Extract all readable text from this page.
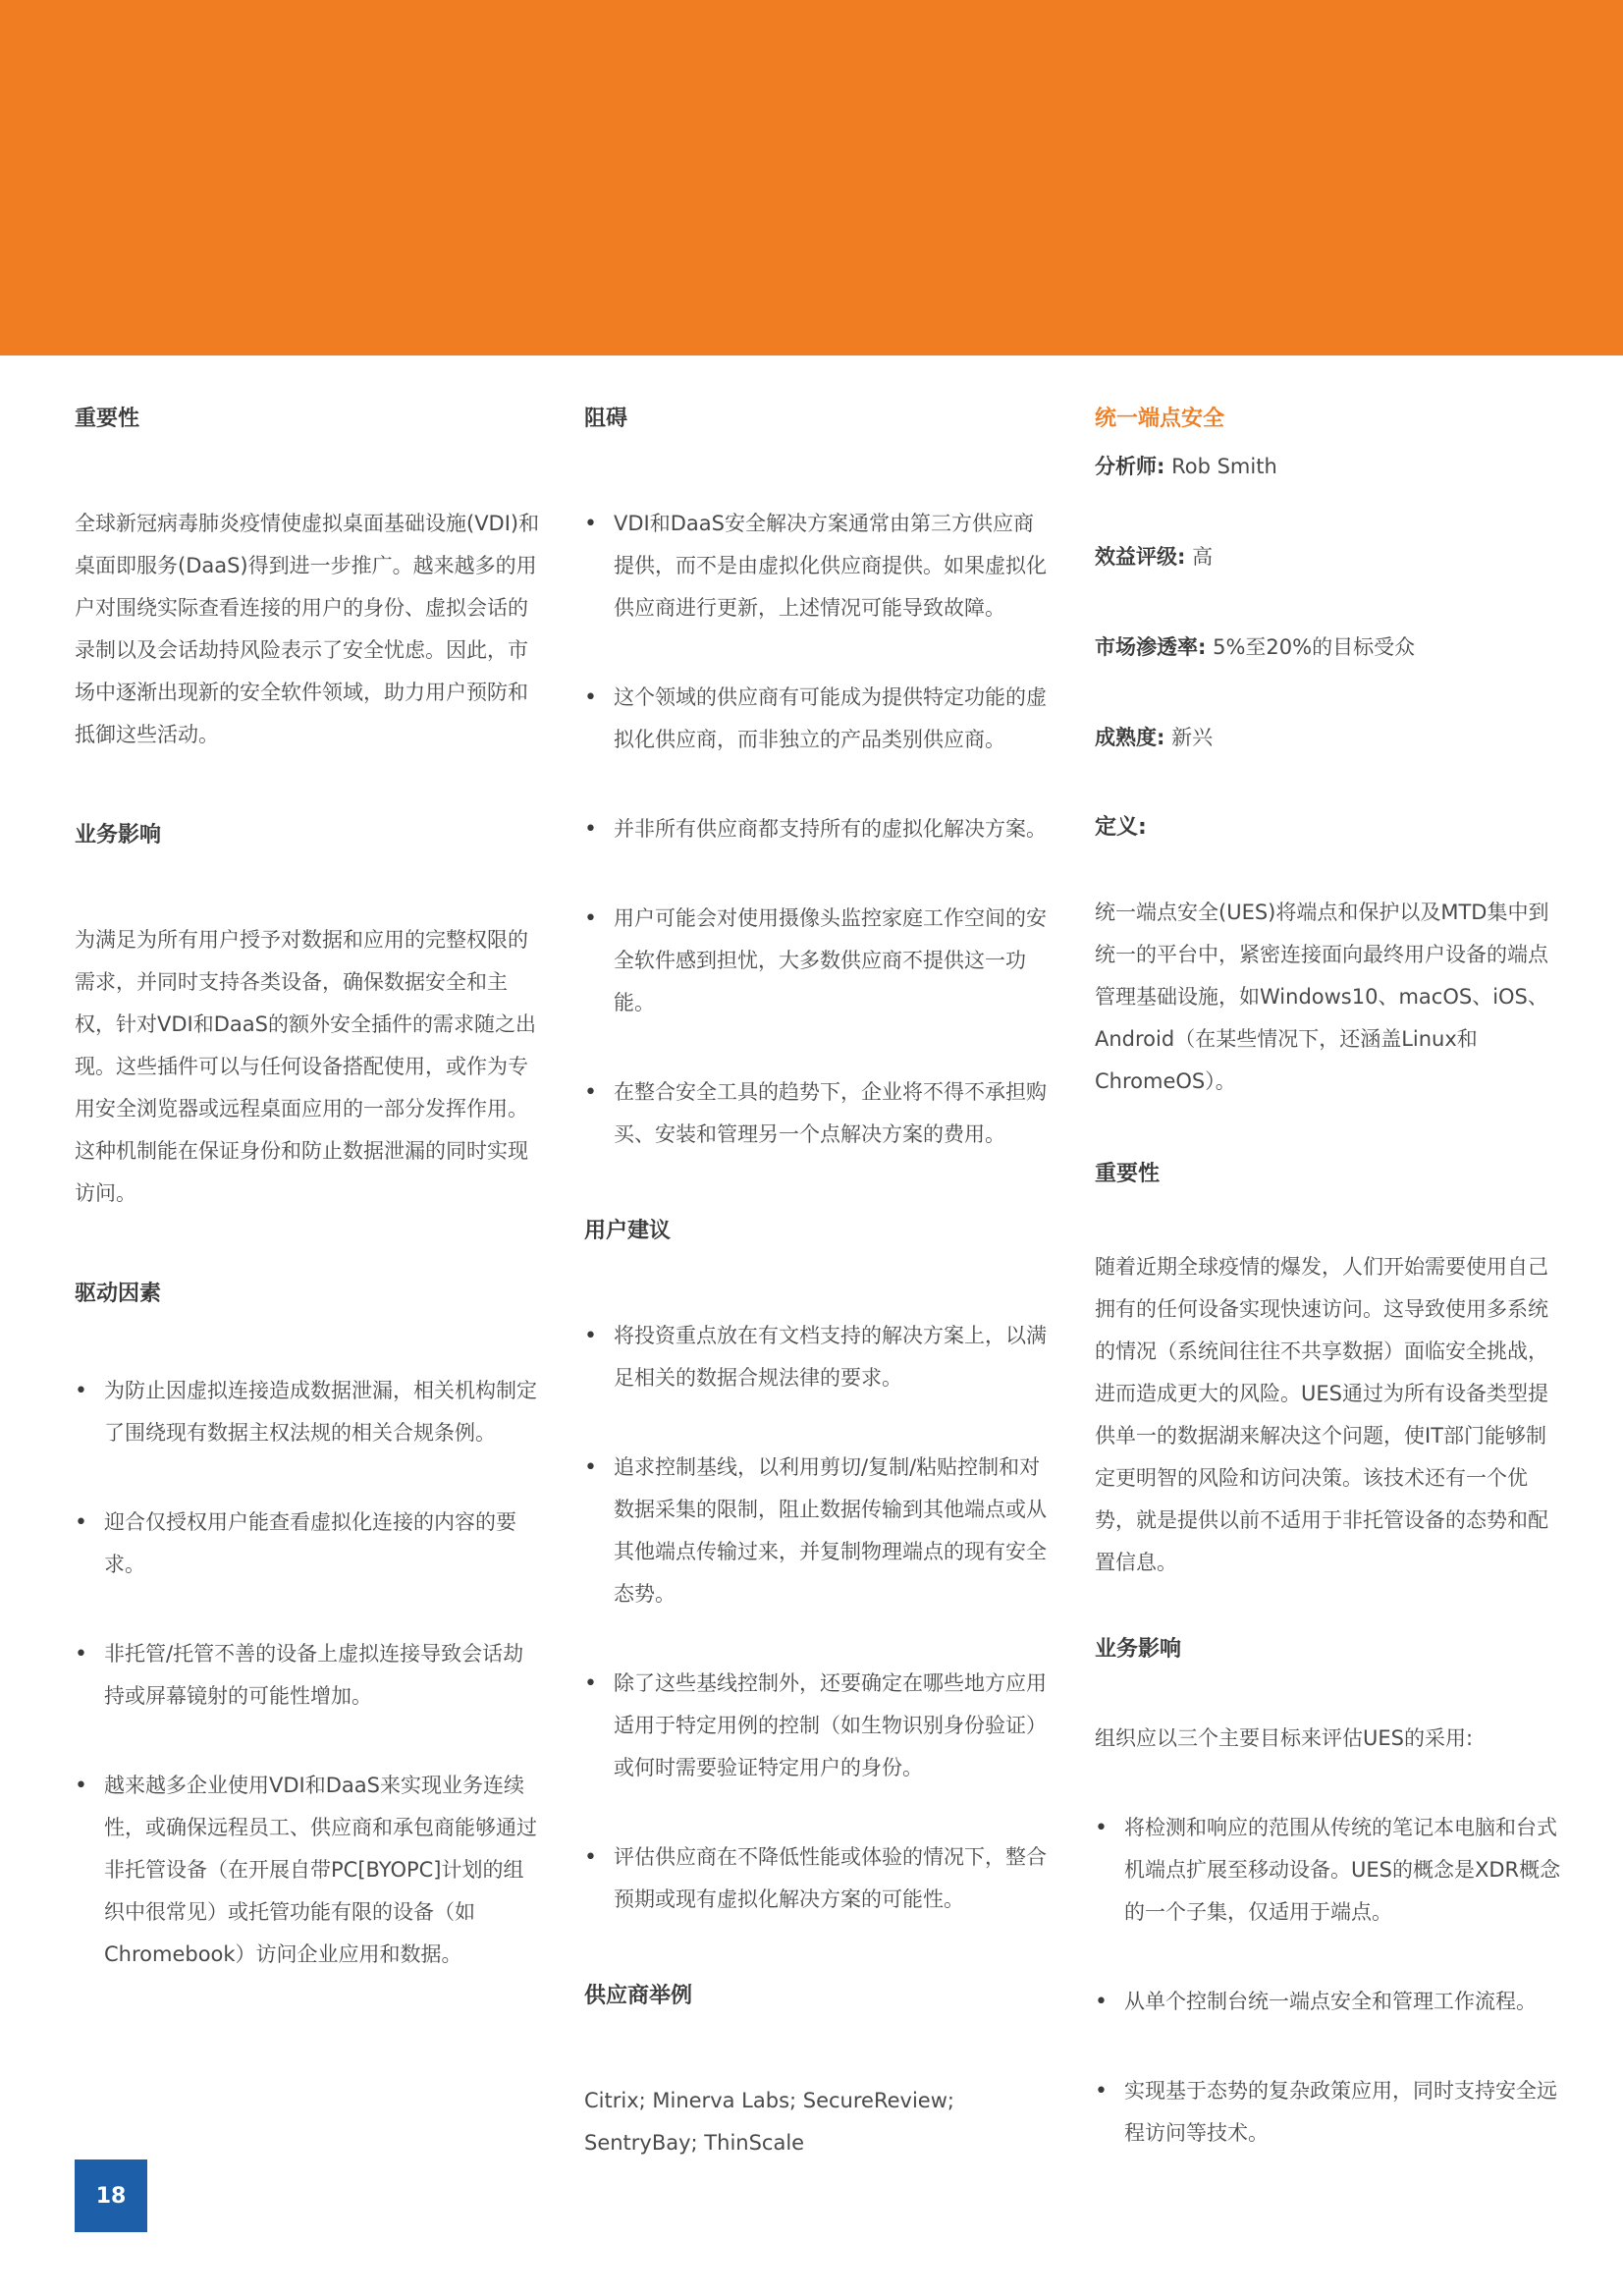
重要性

全球新冠病毒肺炎疫情使虚拟桌面基础设施(VDI)和桌面即服务(DaaS)得到进一步推广。越来越多的用户对围绕实际查看连接的用户的身份、虚拟会话的录制以及会话劫持风险表示了安全忧虑。因此，市场中逐渐出现新的安全软件领域，助力用户预防和抵御这些活动。

业务影响

为满足为所有用户授予对数据和应用的完整权限的需求，并同时支持各类设备，确保数据安全和主权，针对VDI和DaaS的额外安全插件的需求随之出现。这些插件可以与任何设备搭配使用，或作为专用安全浏览器或远程桌面应用的一部分发挥作用。这种机制能在保证身份和防止数据泄漏的同时实现访问。

驱动因素

• 为防止因虚拟连接造成数据泄漏，相关机构制定了围绕现有数据主权法规的相关合规条例。
• 迎合仅授权用户能查看虚拟化连接的内容的要求。
• 非托管/托管不善的设备上虚拟连接导致会话劫持或屏幕镜射的可能性增加。
• 越来越多企业使用VDI和DaaS来实现业务连续性，或确保远程员工、供应商和承包商能够通过非托管设备（在开展自带PC[BYOPC]计划的组织中很常见）或托管功能有限的设备（如Chromebook）访问企业应用和数据。

阻碍

• VDI和DaaS安全解决方案通常由第三方供应商提供，而不是由虚拟化供应商提供。如果虚拟化供应商进行更新，上述情况可能导致故障。
• 这个领域的供应商有可能成为提供特定功能的虚拟化供应商，而非独立的产品类别供应商。
• 并非所有供应商都支持所有的虚拟化解决方案。
• 用户可能会对使用摄像头监控家庭工作空间的安全软件感到担忧，大多数供应商不提供这一功能。
• 在整合安全工具的趋势下，企业将不得不承担购买、安装和管理另一个点解决方案的费用。

用户建议

• 将投资重点放在有文档支持的解决方案上，以满足相关的数据合规法律的要求。
• 追求控制基线，以利用剪切/复制/粘贴控制和对数据采集的限制，阻止数据传输到其他端点或从其他端点传输过来，并复制物理端点的现有安全态势。
• 除了这些基线控制外，还要确定在哪些地方应用适用于特定用例的控制（如生物识别身份验证）或何时需要验证特定用户的身份。
• 评估供应商在不降低性能或体验的情况下，整合预期或现有虚拟化解决方案的可能性。

供应商举例

Citrix; Minerva Labs; SecureReview; SentryBay; ThinScale

统一端点安全

分析师: Rob Smith

效益评级: 高

市场渗透率: 5%至20%的目标受众

成熟度: 新兴

定义:

统一端点安全(UES)将端点和保护以及MTD集中到统一的平台中，紧密连接面向最终用户设备的端点管理基础设施，如Windows10、macOS、iOS、Android（在某些情况下，还涵盖Linux和ChromeOS）。

重要性

随着近期全球疫情的爆发，人们开始需要使用自己拥有的任何设备实现快速访问。这导致使用多系统的情况（系统间往往不共享数据）面临安全挑战，进而造成更大的风险。UES通过为所有设备类型提供单一的数据湖来解决这个问题，使IT部门能够制定更明智的风险和访问决策。该技术还有一个优势，就是提供以前不适用于非托管设备的态势和配置信息。

业务影响

组织应以三个主要目标来评估UES的采用:

• 将检测和响应的范围从传统的笔记本电脑和台式机端点扩展至移动设备。UES的概念是XDR概念的一个子集，仅适用于端点。
• 从单个控制台统一端点安全和管理工作流程。
• 实现基于态势的复杂政策应用，同时支持安全远程访问等技术。
18
